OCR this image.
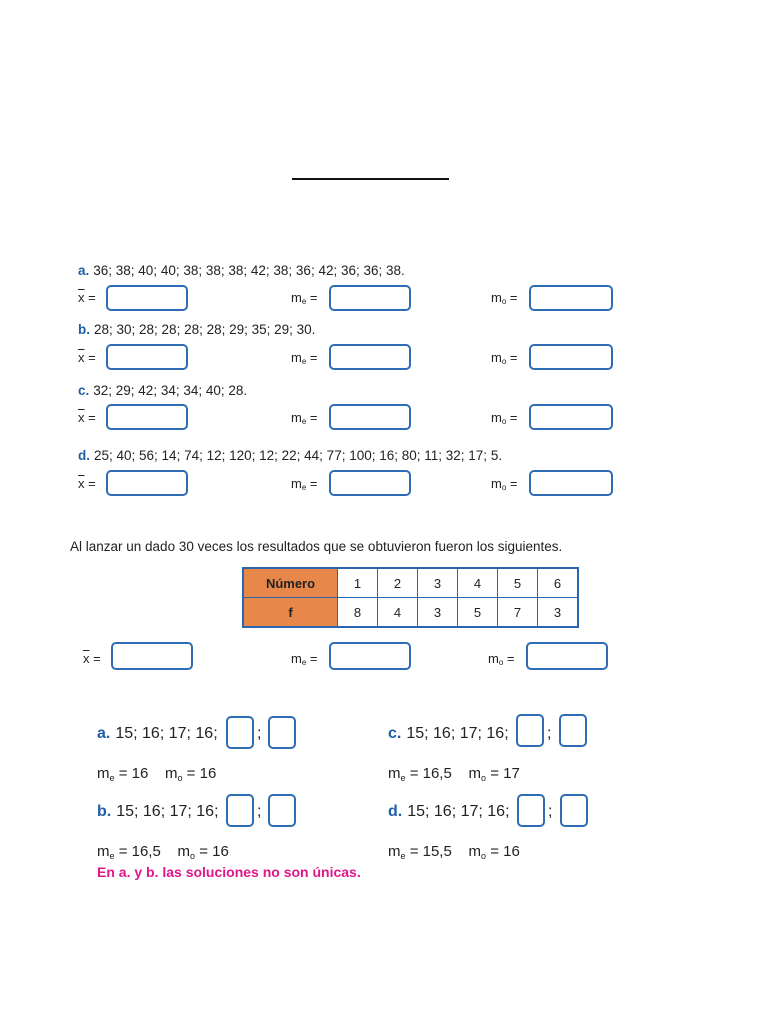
a. 36; 38; 40; 40; 38; 38; 38; 42; 38; 36; 42; 36; 36; 38.
$\overline{x}$ =	$m_e$ =	$m_o$ =
b. 28; 30; 28; 28; 28; 28; 29; 35; 29; 30.
$\overline{x}$ =	$m_e$ =	$m_o$ =
c. 32; 29; 42; 34; 34; 40; 28.
$\overline{x}$ =	$m_e$ =	$m_o$ =
d. 25; 40; 56; 14; 74; 12; 120; 12; 22; 44; 77; 100; 16; 80; 11; 32; 17; 5.
$\overline{x}$ =	$m_e$ =	$m_o$ =
Al lanzar un dado 30 veces los resultados que se obtuvieron fueron los siguientes.
Número	1	2	3	4	5	6
f	8	4	3	5	7	3
$\overline{x}$ =	$m_e$ =	$m_o$ =
a. 15; 16; 17; 16; ;
$m_e = 16$ $m_o = 16$
b. 15; 16; 17; 16; ;
$m_e = 16,5$ $m_o = 16$
c. 15; 16; 17; 16; ;
$m_e = 16,5$ $m_o = 17$
d. 15; 16; 17; 16; ;
$m_e = 15,5$ $m_o = 16$
En a. y b. las soluciones no son únicas.
